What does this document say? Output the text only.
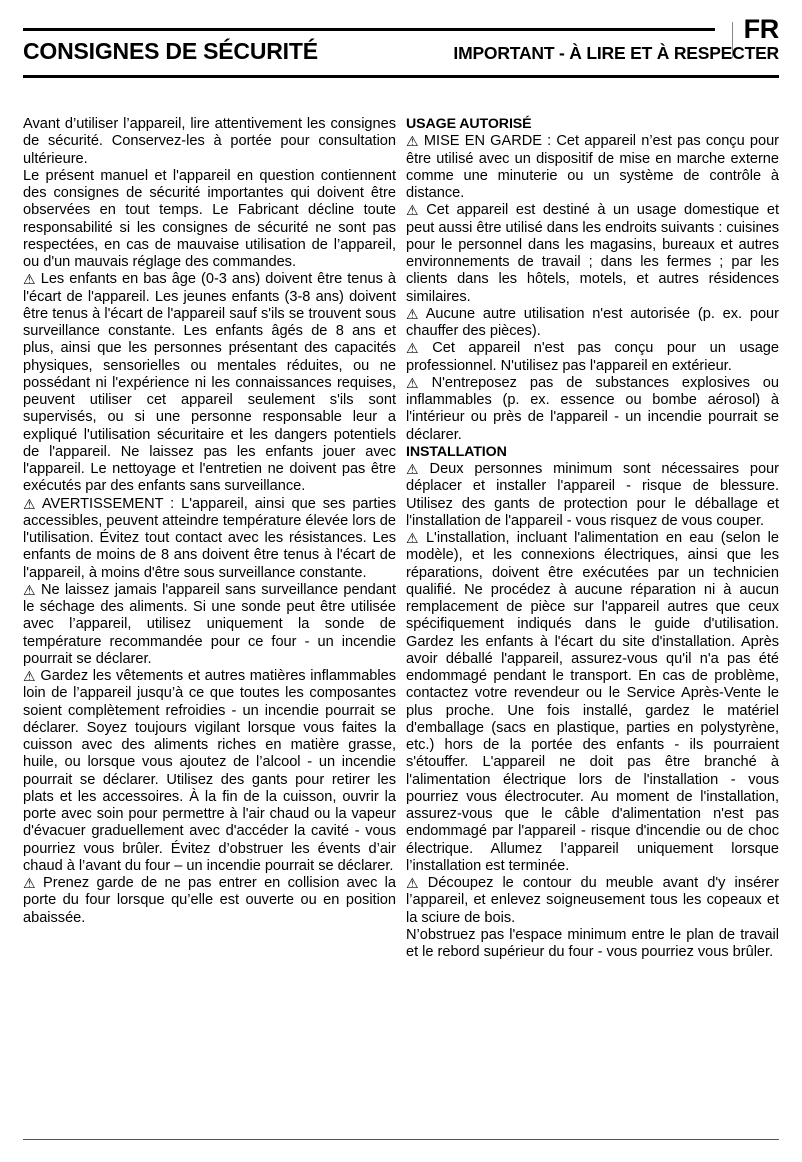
FR
CONSIGNES DE SÉCURITÉ	IMPORTANT - À LIRE ET À RESPECTER

Avant d’utiliser l’appareil, lire attentivement les consignes de sécurité. Conservez-les à portée pour consultation ultérieure.

Le présent manuel et l'appareil en question contiennent des consignes de sécurité importantes qui doivent être observées en tout temps. Le Fabricant décline toute responsabilité si les consignes de sécurité ne sont pas respectées, en cas de mauvaise utilisation de l’appareil, ou d'un mauvais réglage des commandes.

⚠ Les enfants en bas âge (0-3 ans) doivent être tenus à l'écart de l'appareil. Les jeunes enfants (3-8 ans) doivent être tenus à l'écart de l'appareil sauf s'ils se trouvent sous surveillance constante. Les enfants âgés de 8 ans et plus, ainsi que les personnes présentant des capacités physiques, sensorielles ou mentales réduites, ou ne possédant ni l'expérience ni les connaissances requises, peuvent utiliser cet appareil seulement s'ils sont supervisés, ou si une personne responsable leur a expliqué l'utilisation sécuritaire et les dangers potentiels de l'appareil. Ne laissez pas les enfants jouer avec l'appareil. Le nettoyage et l'entretien ne doivent pas être exécutés par des enfants sans surveillance.

⚠ AVERTISSEMENT : L'appareil, ainsi que ses parties accessibles, peuvent atteindre température élevée lors de l'utilisation. Évitez tout contact avec les résistances. Les enfants de moins de 8 ans doivent être tenus à l'écart de l'appareil, à moins d'être sous surveillance constante.

⚠ Ne laissez jamais l'appareil sans surveillance pendant le séchage des aliments. Si une sonde peut être utilisée avec l’appareil, utilisez uniquement la sonde de température recommandée pour ce four - un incendie pourrait se déclarer.

⚠ Gardez les vêtements et autres matières inflammables loin de l’appareil jusqu’à ce que toutes les composantes soient complètement refroidies - un incendie pourrait se déclarer. Soyez toujours vigilant lorsque vous faites la cuisson avec des aliments riches en matière grasse, huile, ou lorsque vous ajoutez de l’alcool - un incendie pourrait se déclarer. Utilisez des gants pour retirer les plats et les accessoires. À la fin de la cuisson, ouvrir la porte avec soin pour permettre à l'air chaud ou la vapeur d'évacuer graduellement avec d'accéder la cavité - vous pourriez vous brûler. Évitez d’obstruer les évents d’air chaud à l’avant du four – un incendie pourrait se déclarer.

⚠ Prenez garde de ne pas entrer en collision avec la porte du four lorsque qu’elle est ouverte ou en position abaissée.

USAGE AUTORISÉ

⚠ MISE EN GARDE : Cet appareil n’est pas conçu pour être utilisé avec un dispositif de mise en marche externe comme une minuterie ou un système de contrôle à distance.

⚠ Cet appareil est destiné à un usage domestique et peut aussi être utilisé dans les endroits suivants : cuisines pour le personnel dans les magasins, bureaux et autres environnements de travail ; dans les fermes ; par les clients dans les hôtels, motels, et autres résidences similaires.

⚠ Aucune autre utilisation n'est autorisée (p. ex. pour chauffer des pièces).

⚠ Cet appareil n'est pas conçu pour un usage professionnel. N'utilisez pas l'appareil en extérieur.

⚠ N'entreposez pas de substances explosives ou inflammables (p. ex. essence ou bombe aérosol) à l'intérieur ou près de l'appareil - un incendie pourrait se déclarer.

INSTALLATION

⚠ Deux personnes minimum sont nécessaires pour déplacer et installer l'appareil - risque de blessure. Utilisez des gants de protection pour le déballage et l'installation de l'appareil - vous risquez de vous couper.

⚠ L'installation, incluant l'alimentation en eau (selon le modèle), et les connexions électriques, ainsi que les réparations, doivent être exécutées par un technicien qualifié. Ne procédez à aucune réparation ni à aucun remplacement de pièce sur l'appareil autres que ceux spécifiquement indiqués dans le guide d'utilisation. Gardez les enfants à l'écart du site d'installation. Après avoir déballé l'appareil, assurez-vous qu'il n'a pas été endommagé pendant le transport. En cas de problème, contactez votre revendeur ou le Service Après-Vente le plus proche. Une fois installé, gardez le matériel d'emballage (sacs en plastique, parties en polystyrène, etc.) hors de la portée des enfants - ils pourraient s'étouffer. L'appareil ne doit pas être branché à l'alimentation électrique lors de l'installation - vous pourriez vous électrocuter. Au moment de l'installation, assurez-vous que le câble d'alimentation n'est pas endommagé par l'appareil - risque d'incendie ou de choc électrique. Allumez l’appareil uniquement lorsque l’installation est terminée.

⚠ Découpez le contour du meuble avant d'y insérer l’appareil, et enlevez soigneusement tous les copeaux et la sciure de bois.

N’obstruez pas l'espace minimum entre le plan de travail et le rebord supérieur du four - vous pourriez vous brûler.
